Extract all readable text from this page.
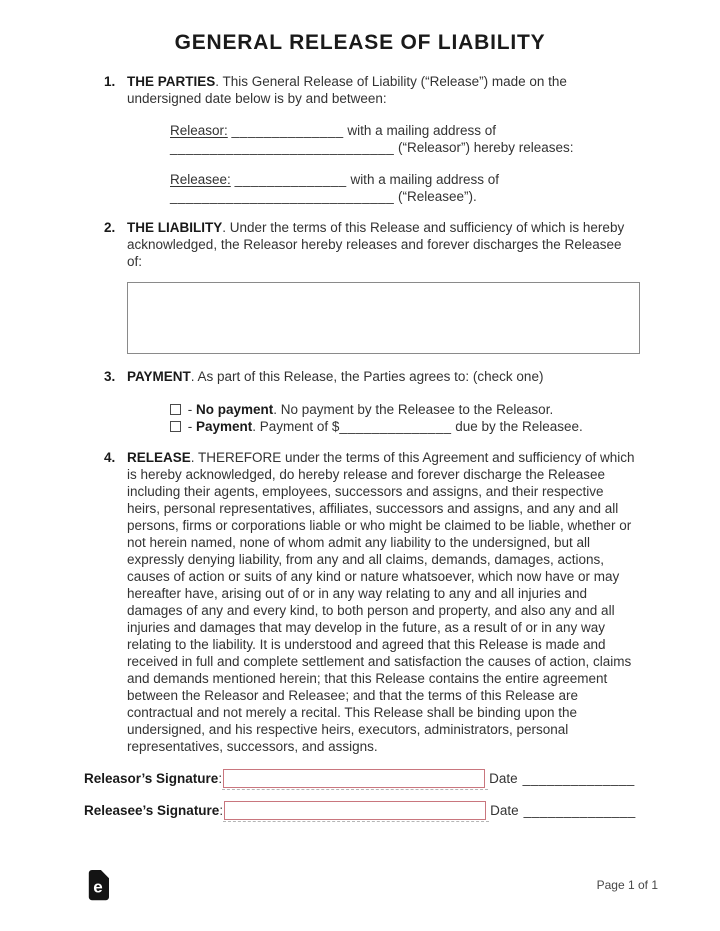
GENERAL RELEASE OF LIABILITY
1. THE PARTIES. This General Release of Liability (“Release”) made on the undersigned date below is by and between:
Releasor: ______________ with a mailing address of
____________________________ (“Releasor”) hereby releases:
Releasee: ______________ with a mailing address of
____________________________ (“Releasee”).
2. THE LIABILITY. Under the terms of this Release and sufficiency of which is hereby acknowledged, the Releasor hereby releases and forever discharges the Releasee of:
3. PAYMENT. As part of this Release, the Parties agrees to: (check one)
- No payment. No payment by the Releasee to the Releasor.
- Payment. Payment of $______________ due by the Releasee.
4. RELEASE. THEREFORE under the terms of this Agreement and sufficiency of which is hereby acknowledged, do hereby release and forever discharge the Releasee including their agents, employees, successors and assigns, and their respective heirs, personal representatives, affiliates, successors and assigns, and any and all persons, firms or corporations liable or who might be claimed to be liable, whether or not herein named, none of whom admit any liability to the undersigned, but all expressly denying liability, from any and all claims, demands, damages, actions, causes of action or suits of any kind or nature whatsoever, which now have or may hereafter have, arising out of or in any way relating to any and all injuries and damages of any and every kind, to both person and property, and also any and all injuries and damages that may develop in the future, as a result of or in any way relating to the liability. It is understood and agreed that this Release is made and received in full and complete settlement and satisfaction the causes of action, claims and demands mentioned herein; that this Release contains the entire agreement between the Releasor and Releasee; and that the terms of this Release are contractual and not merely a recital. This Release shall be binding upon the undersigned, and his respective heirs, executors, administrators, personal representatives, successors, and assigns.
Releasor’s Signature :	Date ______________
Releasee’s Signature :	Date ______________
e	Page 1 of 1
